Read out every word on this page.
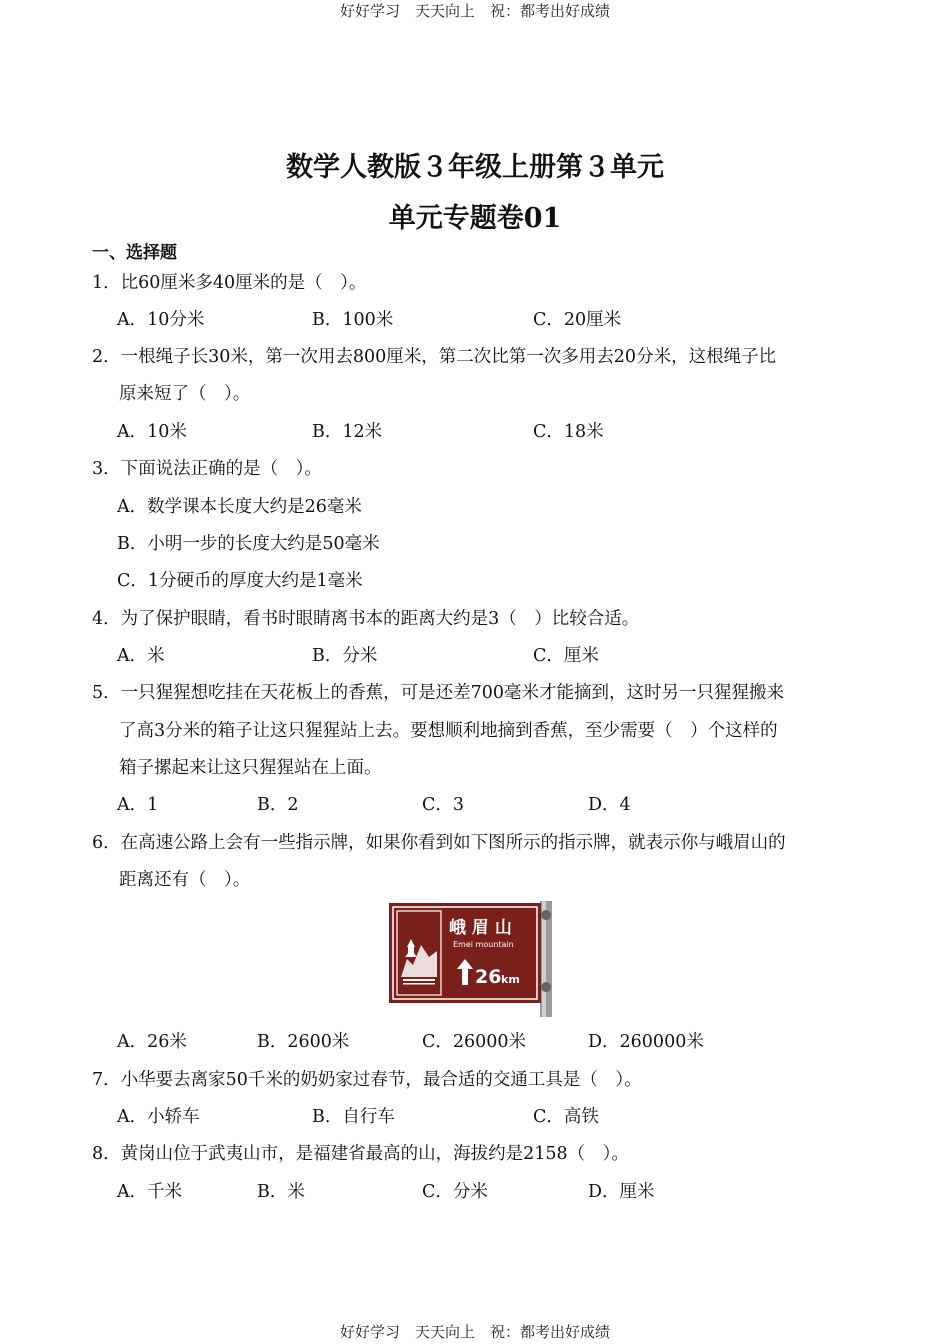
好好学习　天天向上　祝：都考出好成绩
数学人教版３年级上册第３单元
单元专题卷01
一、选择题
1．比60厘米多40厘米的是（　）。
A．10分米	B．100米	C．20厘米
2．一根绳子长30米，第一次用去800厘米，第二次比第一次多用去20分米，这根绳子比
原来短了（　）。
A．10米	B．12米	C．18米
3．下面说法正确的是（　）。
A．数学课本长度大约是26毫米
B．小明一步的长度大约是50毫米
C．1分硬币的厚度大约是1毫米
4．为了保护眼睛，看书时眼睛离书本的距离大约是3（　）比较合适。
A．米	B．分米	C．厘米
5．一只猩猩想吃挂在天花板上的香蕉，可是还差700毫米才能摘到，这时另一只猩猩搬来
了高3分米的箱子让这只猩猩站上去。要想顺利地摘到香蕉，至少需要（　）个这样的
箱子摞起来让这只猩猩站在上面。
A．1	B．2	C．3	D．4
6．在高速公路上会有一些指示牌，如果你看到如下图所示的指示牌，就表示你与峨眉山的
距离还有（　）。
峨 眉 山
Emei mountain
26 km
A．26米	B．2600米	C．26000米	D．260000米
7．小华要去离家50千米的奶奶家过春节，最合适的交通工具是（　）。
A．小轿车	B．自行车	C．高铁
8．黄岗山位于武夷山市，是福建省最高的山，海拔约是2158（　）。
A．千米	B．米	C．分米	D．厘米
好好学习　天天向上　祝：都考出好成绩
